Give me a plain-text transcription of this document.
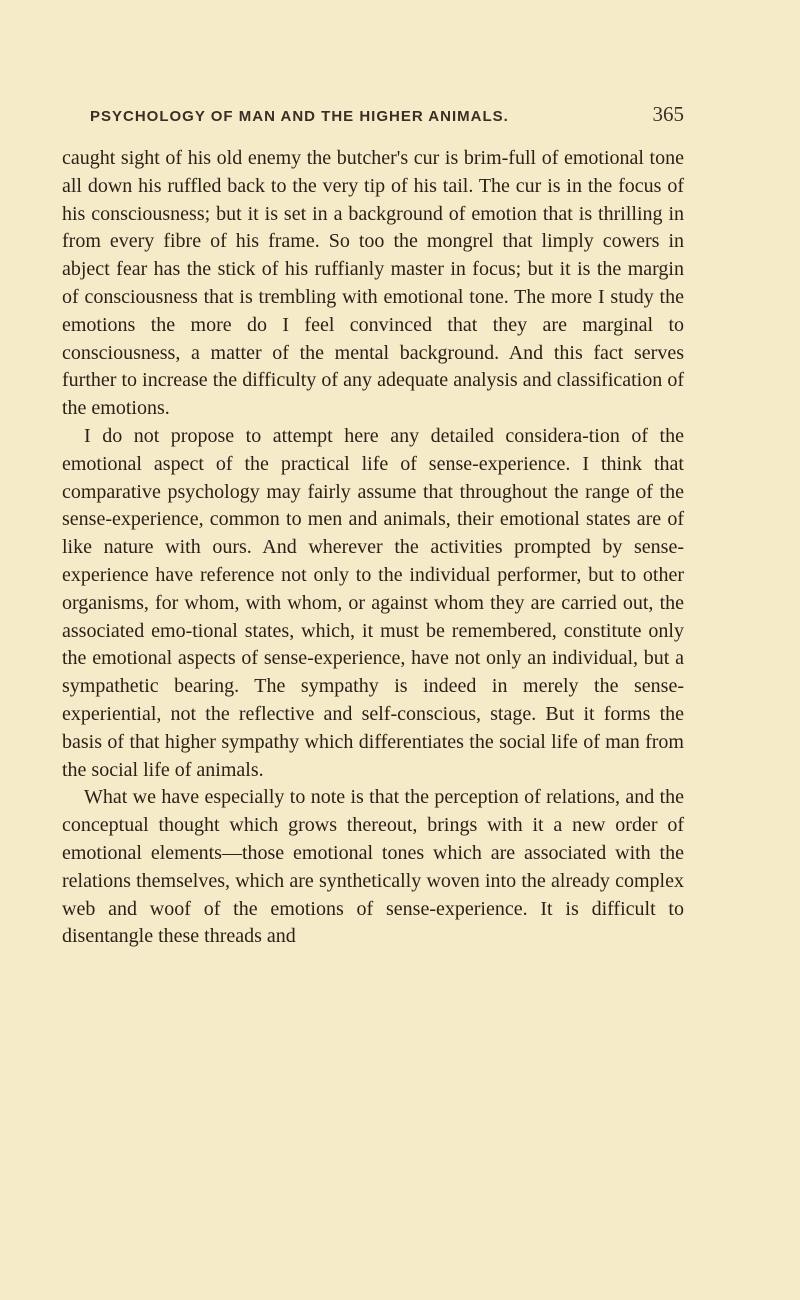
PSYCHOLOGY OF MAN AND THE HIGHER ANIMALS.	365

caught sight of his old enemy the butcher's cur is brim-full of emotional tone all down his ruffled back to the very tip of his tail. The cur is in the focus of his consciousness; but it is set in a background of emotion that is thrilling in from every fibre of his frame. So too the mongrel that limply cowers in abject fear has the stick of his ruffianly master in focus; but it is the margin of consciousness that is trembling with emotional tone. The more I study the emotions the more do I feel convinced that they are marginal to consciousness, a matter of the mental background. And this fact serves further to increase the difficulty of any adequate analysis and classification of the emotions.

I do not propose to attempt here any detailed considera-tion of the emotional aspect of the practical life of sense-experience. I think that comparative psychology may fairly assume that throughout the range of the sense-experience, common to men and animals, their emotional states are of like nature with ours. And wherever the activities prompted by sense-experience have reference not only to the individual performer, but to other organisms, for whom, with whom, or against whom they are carried out, the associated emo-tional states, which, it must be remembered, constitute only the emotional aspects of sense-experience, have not only an individual, but a sympathetic bearing. The sympathy is indeed in merely the sense-experiential, not the reflective and self-conscious, stage. But it forms the basis of that higher sympathy which differentiates the social life of man from the social life of animals.

What we have especially to note is that the perception of relations, and the conceptual thought which grows thereout, brings with it a new order of emotional elements—those emotional tones which are associated with the relations themselves, which are synthetically woven into the already complex web and woof of the emotions of sense-experience. It is difficult to disentangle these threads and
